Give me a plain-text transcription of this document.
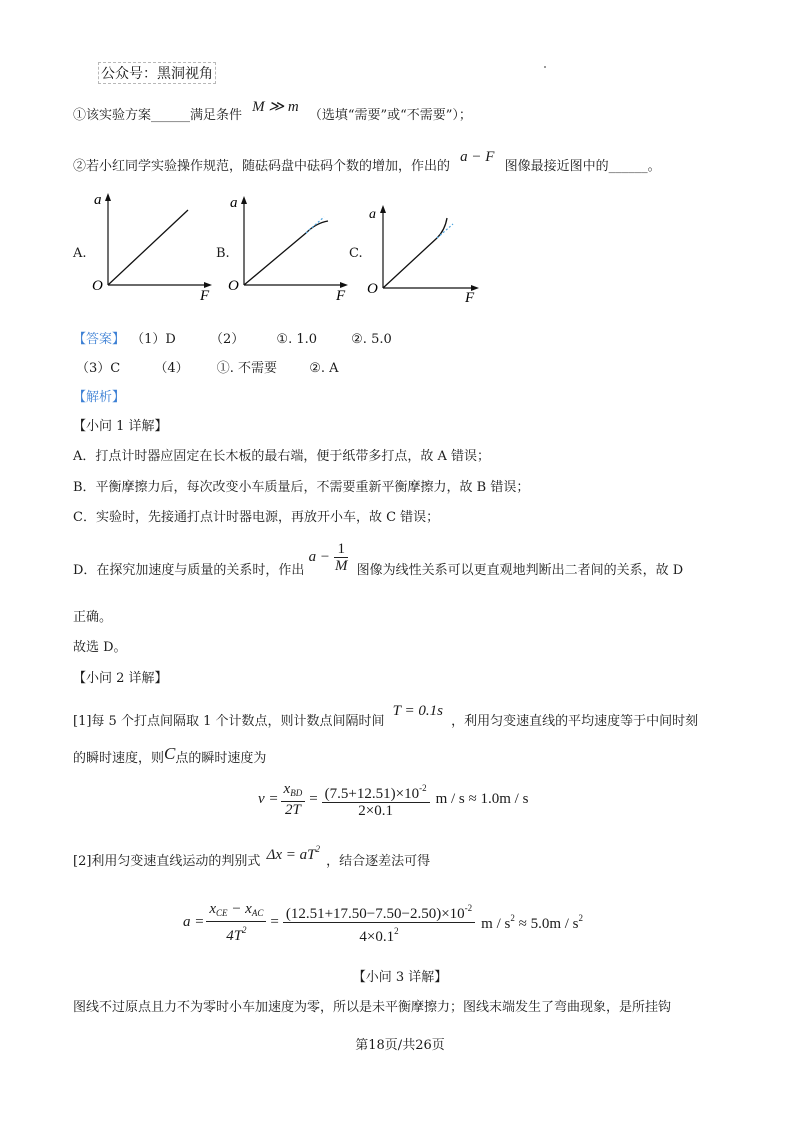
公众号：黑洞视角
①该实验方案______满足条件 M ≫ m （选填“需要”或“不需要”）；
②若小红同学实验操作规范，随砝码盘中砝码个数的增加，作出的 a − F 图像最接近图中的______。
A.
a
O
F
B.
a
O
F
C.
a
O
F
【答案】 （1）D	（2） ①. 1.0	②. 5.0
（3）C	（4） ①. 不需要 ②. A
【解析】
【小问 1 详解】
A．打点计时器应固定在长木板的最右端，便于纸带多打点，故 A 错误；
B．平衡摩擦力后，每次改变小车质量后，不需要重新平衡摩擦力，故 B 错误；
C．实验时，先接通打点计时器电源，再放开小车，故 C 错误；
D．在探究加速度与质量的关系时，作出
$a - \frac{1}{M}$ 图像为线性关系可以更直观地判断出二者间的关系，故 D
正确。
故选 D。
【小问 2 详解】
[1]每 5 个打点间隔取 1 个计数点，则计数点间隔时间 T = 0.1s ，利用匀变速直线的平均速度等于中间时刻
的瞬时速度，则C点的瞬时速度为
$v = \frac{x_{BD}}{2T} = \frac{(7.5+12.51)\times 10^{-2}}{2\times 0.1}$ m / s ≈ 1.0m / s
[2]利用匀变速直线运动的判别式 $\Delta x = aT^2$ ，结合逐差法可得
$a = \frac{x_{CE} - x_{AC}}{4T^2} = \frac{(12.51+17.50-7.50-2.50)\times 10^{-2}}{4\times 0.1^2}$ $m / s^2 \approx 5.0m / s^2$
【小问 3 详解】
图线不过原点且力不为零时小车加速度为零，所以是未平衡摩擦力；图线末端发生了弯曲现象，是所挂钩
第18页/共26页
